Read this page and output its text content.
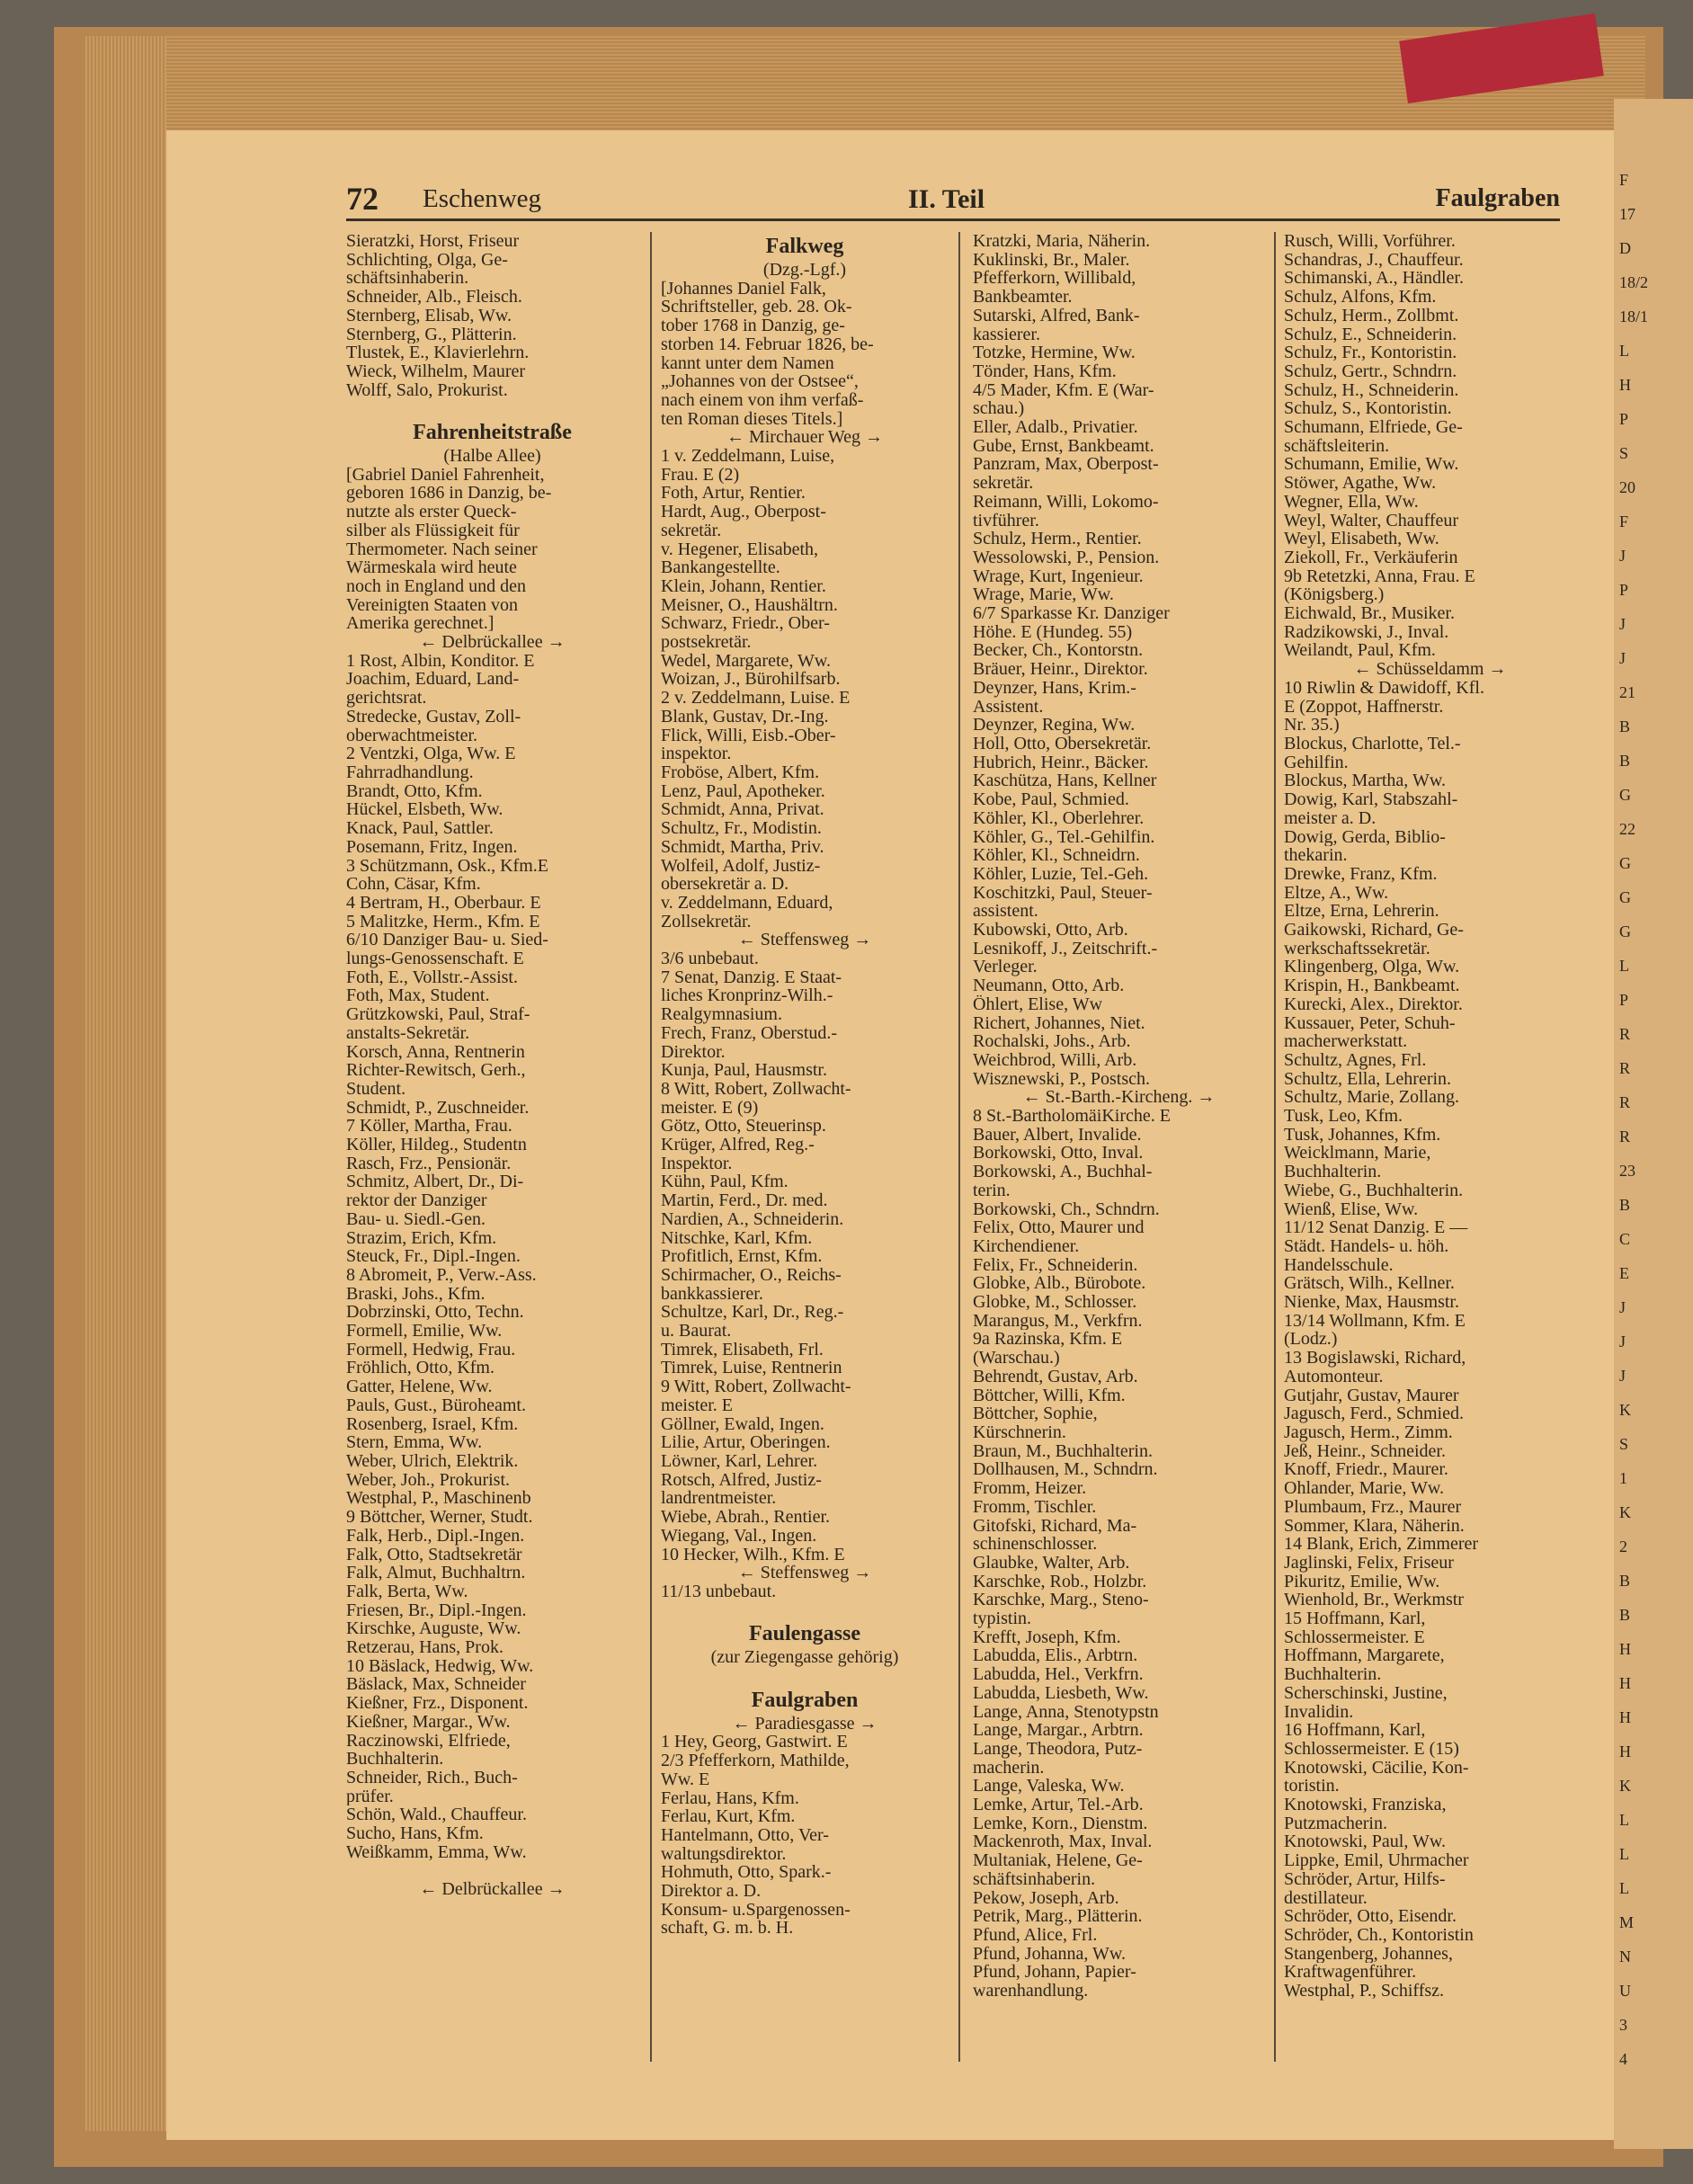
F
17
D
18/2
18/1
L
H
P
S
20
F
J
P
J
J
21
B
B
G
22
G
G
G
L
P
R
R
R
R
23
B
C
E
J
J
J
K
S
1
K
2
B
B
H
H
H
H
K
L
L
L
M
N
U
3
4
72 Eschenweg	II. Teil	Faulgraben
Sieratzki, Horst, Friseur
Schlichting, Olga, Ge-
schäftsinhaberin.
Schneider, Alb., Fleisch.
Sternberg, Elisab, Ww.
Sternberg, G., Plätterin.
Tlustek, E., Klavierlehrn.
Wieck, Wilhelm, Maurer
Wolff, Salo, Prokurist.

Fahrenheitstraße
(Halbe Allee)
[Gabriel Daniel Fahrenheit,
geboren 1686 in Danzig, be-
nutzte als erster Queck-
silber als Flüssigkeit für
Thermometer. Nach seiner
Wärmeskala wird heute
noch in England und den
Vereinigten Staaten von
Amerika gerechnet.]
← Delbrückallee →
1 Rost, Albin, Konditor. E
Joachim, Eduard, Land-
gerichtsrat.
Stredecke, Gustav, Zoll-
oberwachtmeister.
2 Ventzki, Olga, Ww. E
Fahrradhandlung.
Brandt, Otto, Kfm.
Hückel, Elsbeth, Ww.
Knack, Paul, Sattler.
Posemann, Fritz, Ingen.
3 Schützmann, Osk., Kfm.E
Cohn, Cäsar, Kfm.
4 Bertram, H., Oberbaur. E
5 Malitzke, Herm., Kfm. E
6/10 Danziger Bau- u. Sied-
lungs-Genossenschaft. E
Foth, E., Vollstr.-Assist.
Foth, Max, Student.
Grützkowski, Paul, Straf-
anstalts-Sekretär.
Korsch, Anna, Rentnerin
Richter-Rewitsch, Gerh.,
Student.
Schmidt, P., Zuschneider.
7 Köller, Martha, Frau.
Köller, Hildeg., Studentn
Rasch, Frz., Pensionär.
Schmitz, Albert, Dr., Di-
rektor der Danziger
Bau- u. Siedl.-Gen.
Strazim, Erich, Kfm.
Steuck, Fr., Dipl.-Ingen.
8 Abromeit, P., Verw.-Ass.
Braski, Johs., Kfm.
Dobrzinski, Otto, Techn.
Formell, Emilie, Ww.
Formell, Hedwig, Frau.
Fröhlich, Otto, Kfm.
Gatter, Helene, Ww.
Pauls, Gust., Büroheamt.
Rosenberg, Israel, Kfm.
Stern, Emma, Ww.
Weber, Ulrich, Elektrik.
Weber, Joh., Prokurist.
Westphal, P., Maschinenb
9 Böttcher, Werner, Studt.
Falk, Herb., Dipl.-Ingen.
Falk, Otto, Stadtsekretär
Falk, Almut, Buchhaltrn.
Falk, Berta, Ww.
Friesen, Br., Dipl.-Ingen.
Kirschke, Auguste, Ww.
Retzerau, Hans, Prok.
10 Bäslack, Hedwig, Ww.
Bäslack, Max, Schneider
Kießner, Frz., Disponent.
Kießner, Margar., Ww.
Raczinowski, Elfriede,
Buchhalterin.
Schneider, Rich., Buch-
prüfer.
Schön, Wald., Chauffeur.
Sucho, Hans, Kfm.
Weißkamm, Emma, Ww.

← Delbrückallee →
Falkweg
(Dzg.-Lgf.)
[Johannes Daniel Falk,
Schriftsteller, geb. 28. Ok-
tober 1768 in Danzig, ge-
storben 14. Februar 1826, be-
kannt unter dem Namen
„Johannes von der Ostsee“,
nach einem von ihm verfaß-
ten Roman dieses Titels.]
← Mirchauer Weg →
1 v. Zeddelmann, Luise,
Frau. E (2)
Foth, Artur, Rentier.
Hardt, Aug., Oberpost-
sekretär.
v. Hegener, Elisabeth,
Bankangestellte.
Klein, Johann, Rentier.
Meisner, O., Haushältrn.
Schwarz, Friedr., Ober-
postsekretär.
Wedel, Margarete, Ww.
Woizan, J., Bürohilfsarb.
2 v. Zeddelmann, Luise. E
Blank, Gustav, Dr.-Ing.
Flick, Willi, Eisb.-Ober-
inspektor.
Froböse, Albert, Kfm.
Lenz, Paul, Apotheker.
Schmidt, Anna, Privat.
Schultz, Fr., Modistin.
Schmidt, Martha, Priv.
Wolfeil, Adolf, Justiz-
obersekretär a. D.
v. Zeddelmann, Eduard,
Zollsekretär.
← Steffensweg →
3/6 unbebaut.
7 Senat, Danzig. E Staat-
liches Kronprinz-Wilh.-
Realgymnasium.
Frech, Franz, Oberstud.-
Direktor.
Kunja, Paul, Hausmstr.
8 Witt, Robert, Zollwacht-
meister. E (9)
Götz, Otto, Steuerinsp.
Krüger, Alfred, Reg.-
Inspektor.
Kühn, Paul, Kfm.
Martin, Ferd., Dr. med.
Nardien, A., Schneiderin.
Nitschke, Karl, Kfm.
Profitlich, Ernst, Kfm.
Schirmacher, O., Reichs-
bankkassierer.
Schultze, Karl, Dr., Reg.-
u. Baurat.
Timrek, Elisabeth, Frl.
Timrek, Luise, Rentnerin
9 Witt, Robert, Zollwacht-
meister. E
Göllner, Ewald, Ingen.
Lilie, Artur, Oberingen.
Löwner, Karl, Lehrer.
Rotsch, Alfred, Justiz-
landrentmeister.
Wiebe, Abrah., Rentier.
Wiegang, Val., Ingen.
10 Hecker, Wilh., Kfm. E
← Steffensweg →
11/13 unbebaut.

Faulengasse
(zur Ziegengasse gehörig)

Faulgraben
← Paradiesgasse →
1 Hey, Georg, Gastwirt. E
2/3 Pfefferkorn, Mathilde,
Ww. E
Ferlau, Hans, Kfm.
Ferlau, Kurt, Kfm.
Hantelmann, Otto, Ver-
waltungsdirektor.
Hohmuth, Otto, Spark.-
Direktor a. D.
Konsum- u.Spargenossen-
schaft, G. m. b. H.
Kratzki, Maria, Näherin.
Kuklinski, Br., Maler.
Pfefferkorn, Willibald,
Bankbeamter.
Sutarski, Alfred, Bank-
kassierer.
Totzke, Hermine, Ww.
Tönder, Hans, Kfm.
4/5 Mader, Kfm. E (War-
schau.)
Eller, Adalb., Privatier.
Gube, Ernst, Bankbeamt.
Panzram, Max, Oberpost-
sekretär.
Reimann, Willi, Lokomo-
tivführer.
Schulz, Herm., Rentier.
Wessolowski, P., Pension.
Wrage, Kurt, Ingenieur.
Wrage, Marie, Ww.
6/7 Sparkasse Kr. Danziger
Höhe. E (Hundeg. 55)
Becker, Ch., Kontorstn.
Bräuer, Heinr., Direktor.
Deynzer, Hans, Krim.-
Assistent.
Deynzer, Regina, Ww.
Holl, Otto, Obersekretär.
Hubrich, Heinr., Bäcker.
Kaschütza, Hans, Kellner
Kobe, Paul, Schmied.
Köhler, Kl., Oberlehrer.
Köhler, G., Tel.-Gehilfin.
Köhler, Kl., Schneidrn.
Köhler, Luzie, Tel.-Geh.
Koschitzki, Paul, Steuer-
assistent.
Kubowski, Otto, Arb.
Lesnikoff, J., Zeitschrift.-
Verleger.
Neumann, Otto, Arb.
Öhlert, Elise, Ww
Richert, Johannes, Niet.
Rochalski, Johs., Arb.
Weichbrod, Willi, Arb.
Wisznewski, P., Postsch.
← St.-Barth.-Kircheng. →
8 St.-BartholomäiKirche. E
Bauer, Albert, Invalide.
Borkowski, Otto, Inval.
Borkowski, A., Buchhal-
terin.
Borkowski, Ch., Schndrn.
Felix, Otto, Maurer und
Kirchendiener.
Felix, Fr., Schneiderin.
Globke, Alb., Bürobote.
Globke, M., Schlosser.
Marangus, M., Verkfrn.
9a Razinska, Kfm. E
(Warschau.)
Behrendt, Gustav, Arb.
Böttcher, Willi, Kfm.
Böttcher, Sophie,
Kürschnerin.
Braun, M., Buchhalterin.
Dollhausen, M., Schndrn.
Fromm, Heizer.
Fromm, Tischler.
Gitofski, Richard, Ma-
schinenschlosser.
Glaubke, Walter, Arb.
Karschke, Rob., Holzbr.
Karschke, Marg., Steno-
typistin.
Krefft, Joseph, Kfm.
Labudda, Elis., Arbtrn.
Labudda, Hel., Verkfrn.
Labudda, Liesbeth, Ww.
Lange, Anna, Stenotypstn
Lange, Margar., Arbtrn.
Lange, Theodora, Putz-
macherin.
Lange, Valeska, Ww.
Lemke, Artur, Tel.-Arb.
Lemke, Korn., Dienstm.
Mackenroth, Max, Inval.
Multaniak, Helene, Ge-
schäftsinhaberin.
Pekow, Joseph, Arb.
Petrik, Marg., Plätterin.
Pfund, Alice, Frl.
Pfund, Johanna, Ww.
Pfund, Johann, Papier-
warenhandlung.
Rusch, Willi, Vorführer.
Schandras, J., Chauffeur.
Schimanski, A., Händler.
Schulz, Alfons, Kfm.
Schulz, Herm., Zollbmt.
Schulz, E., Schneiderin.
Schulz, Fr., Kontoristin.
Schulz, Gertr., Schndrn.
Schulz, H., Schneiderin.
Schulz, S., Kontoristin.
Schumann, Elfriede, Ge-
schäftsleiterin.
Schumann, Emilie, Ww.
Stöwer, Agathe, Ww.
Wegner, Ella, Ww.
Weyl, Walter, Chauffeur
Weyl, Elisabeth, Ww.
Ziekoll, Fr., Verkäuferin
9b Retetzki, Anna, Frau. E
(Königsberg.)
Eichwald, Br., Musiker.
Radzikowski, J., Inval.
Weilandt, Paul, Kfm.
← Schüsseldamm →
10 Riwlin & Dawidoff, Kfl.
E (Zoppot, Haffnerstr.
Nr. 35.)
Blockus, Charlotte, Tel.-
Gehilfin.
Blockus, Martha, Ww.
Dowig, Karl, Stabszahl-
meister a. D.
Dowig, Gerda, Biblio-
thekarin.
Drewke, Franz, Kfm.
Eltze, A., Ww.
Eltze, Erna, Lehrerin.
Gaikowski, Richard, Ge-
werkschaftssekretär.
Klingenberg, Olga, Ww.
Krispin, H., Bankbeamt.
Kurecki, Alex., Direktor.
Kussauer, Peter, Schuh-
macherwerkstatt.
Schultz, Agnes, Frl.
Schultz, Ella, Lehrerin.
Schultz, Marie, Zollang.
Tusk, Leo, Kfm.
Tusk, Johannes, Kfm.
Weicklmann, Marie,
Buchhalterin.
Wiebe, G., Buchhalterin.
Wienß, Elise, Ww.
11/12 Senat Danzig. E —
Städt. Handels- u. höh.
Handelsschule.
Grätsch, Wilh., Kellner.
Nienke, Max, Hausmstr.
13/14 Wollmann, Kfm. E
(Lodz.)
13 Bogislawski, Richard,
Automonteur.
Gutjahr, Gustav, Maurer
Jagusch, Ferd., Schmied.
Jagusch, Herm., Zimm.
Jeß, Heinr., Schneider.
Knoff, Friedr., Maurer.
Ohlander, Marie, Ww.
Plumbaum, Frz., Maurer
Sommer, Klara, Näherin.
14 Blank, Erich, Zimmerer
Jaglinski, Felix, Friseur
Pikuritz, Emilie, Ww.
Wienhold, Br., Werkmstr
15 Hoffmann, Karl,
Schlossermeister. E
Hoffmann, Margarete,
Buchhalterin.
Scherschinski, Justine,
Invalidin.
16 Hoffmann, Karl,
Schlossermeister. E (15)
Knotowski, Cäcilie, Kon-
toristin.
Knotowski, Franziska,
Putzmacherin.
Knotowski, Paul, Ww.
Lippke, Emil, Uhrmacher
Schröder, Artur, Hilfs-
destillateur.
Schröder, Otto, Eisendr.
Schröder, Ch., Kontoristin
Stangenberg, Johannes,
Kraftwagenführer.
Westphal, P., Schiffsz.
